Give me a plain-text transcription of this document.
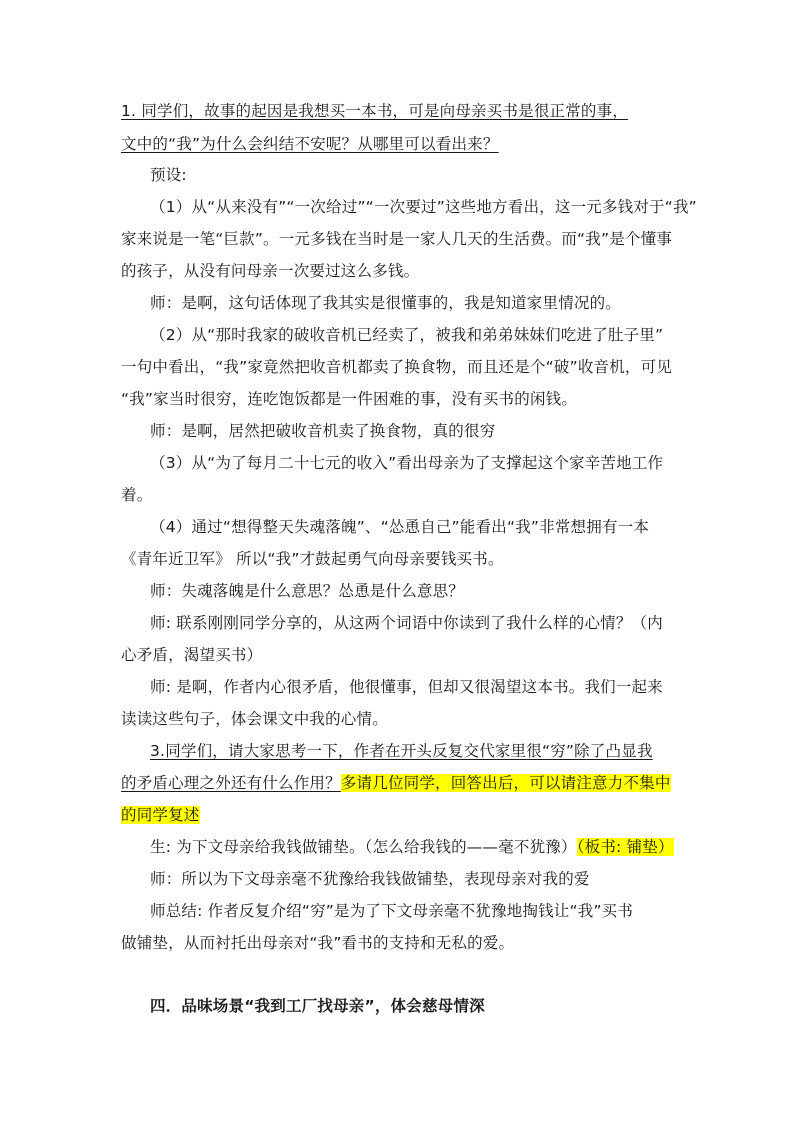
1. 同学们，故事的起因是我想买一本书，可是向母亲买书是很正常的事，
文中的“我”为什么会纠结不安呢？从哪里可以看出来？
预设:
（1）从“从来没有”“一次给过”“一次要过”这些地方看出，这一元多钱对于“我”
家来说是一笔“巨款”。一元多钱在当时是一家人几天的生活费。而“我”是个懂事
的孩子，从没有问母亲一次要过这么多钱。
师：是啊，这句话体现了我其实是很懂事的，我是知道家里情况的。
（2）从“那时我家的破收音机已经卖了，被我和弟弟妹妹们吃进了肚子里”
一句中看出，“我”家竟然把收音机都卖了换食物，而且还是个“破”收音机，可见
“我”家当时很穷，连吃饱饭都是一件困难的事，没有买书的闲钱。
师：是啊，居然把破收音机卖了换食物，真的很穷
（3）从“为了每月二十七元的收入”看出母亲为了支撑起这个家辛苦地工作
着。
（4）通过“想得整天失魂落魄”、“怂恿自己”能看出“我”非常想拥有一本
《青年近卫军》 所以“我”才鼓起勇气向母亲要钱买书。
师：失魂落魄是什么意思？怂恿是什么意思？
师: 联系刚刚同学分享的，从这两个词语中你读到了我什么样的心情？（内
心矛盾，渴望买书）
师: 是啊，作者内心很矛盾，他很懂事，但却又很渴望这本书。我们一起来
读读这些句子，体会课文中我的心情。
3.同学们，请大家思考一下，作者在开头反复交代家里很“穷”除了凸显我
的矛盾心理之外还有什么作用？多请几位同学，回答出后，可以请注意力不集中
的同学复述
生: 为下文母亲给我钱做铺垫。（怎么给我钱的——毫不犹豫）（板书: 铺垫）
师：所以为下文母亲毫不犹豫给我钱做铺垫，表现母亲对我的爱
师总结: 作者反复介绍“穷”是为了下文母亲毫不犹豫地掏钱让“我”买书
做铺垫，从而衬托出母亲对“我”看书的支持和无私的爱。
四．品味场景“我到工厂找母亲”，体会慈母情深
